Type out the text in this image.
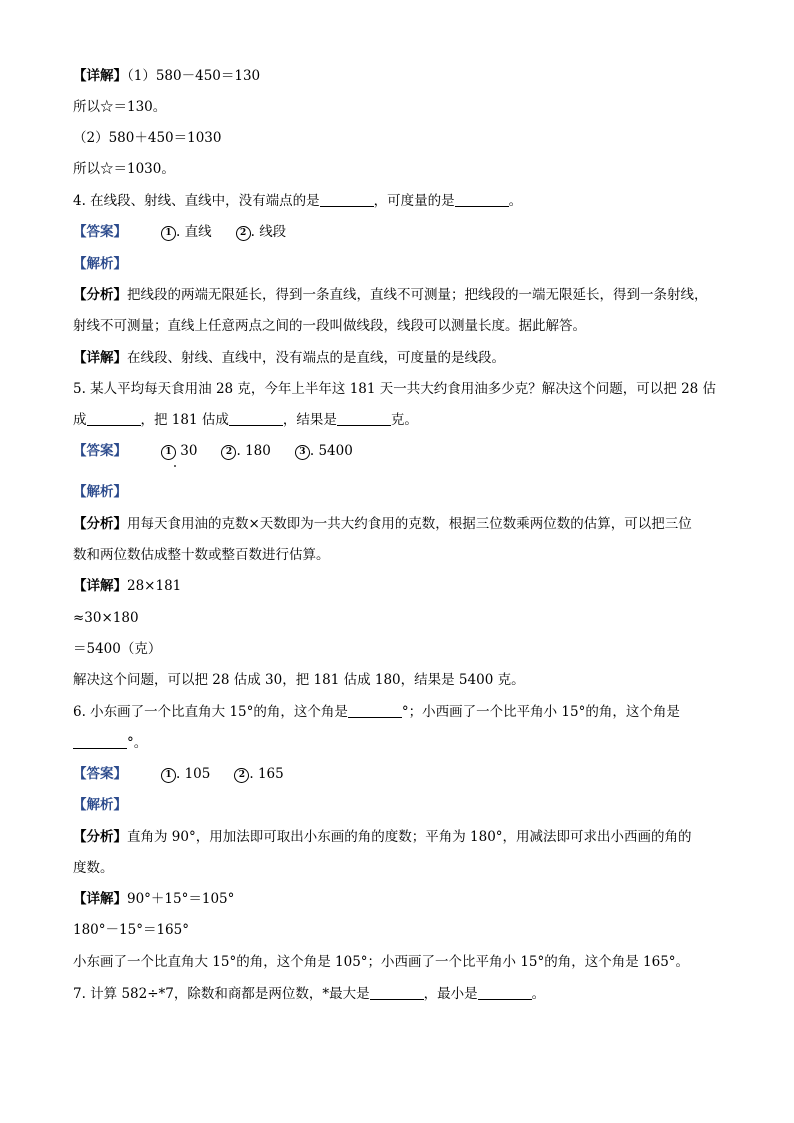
【详解】（1）580－450＝130
所以☆＝130。
（2）580＋450＝1030
所以☆＝1030。
4. 在线段、射线、直线中，没有端点的是	，可度量的是	。
【答案】	1 . 直线	2 . 线段
【解析】
【分析】把线段的两端无限延长，得到一条直线，直线不可测量；把线段的一端无限延长，得到一条射线，
射线不可测量；直线上任意两点之间的一段叫做线段，线段可以测量长度。据此解答。
【详解】在线段、射线、直线中，没有端点的是直线，可度量的是线段。
5. 某人平均每天食用油 28 克，今年上半年这 181 天一共大约食用油多少克？解决这个问题，可以把 28 估
成	，把 181 估成	，结果是	克。
【答案】	1 30	2 . 180	3 . 5400
【解析】
【分析】用每天食用油的克数×天数即为一共大约食用的克数，根据三位数乘两位数的估算，可以把三位
数和两位数估成整十数或整百数进行估算。
【详解】28×181
≈30×180
＝5400（克）
解决这个问题，可以把 28 估成 30，把 181 估成 180，结果是 5400 克。
6. 小东画了一个比直角大 15°的角，这个角是	°；小西画了一个比平角小 15°的角，这个角是
°。
【答案】	1 . 105	2 . 165
【解析】
【分析】直角为 90°，用加法即可取出小东画的角的度数；平角为 180°，用减法即可求出小西画的角的
度数。
【详解】90°＋15°＝105°
180°－15°＝165°
小东画了一个比直角大 15°的角，这个角是 105°；小西画了一个比平角小 15°的角，这个角是 165°。
7. 计算 582÷*7，除数和商都是两位数，*最大是	，最小是	。
